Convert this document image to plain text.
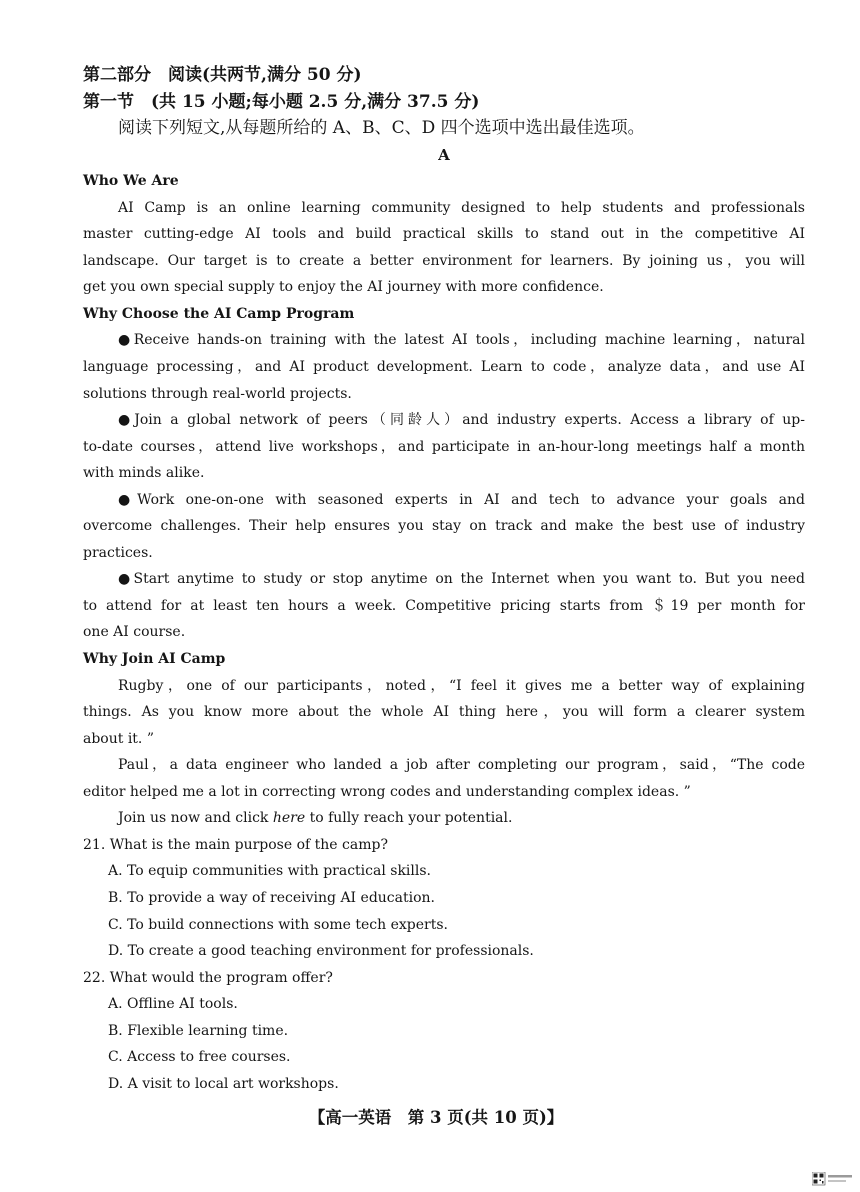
第二部分　阅读(共两节,满分 50 分)
第一节　(共 15 小题;每小题 2.5 分,满分 37.5 分)
阅读下列短文,从每题所给的 A、B、C、D 四个选项中选出最佳选项。
A
Who We Are
AI Camp is an online learning community designed to help students and professionals
master cutting-edge AI tools and build practical skills to stand out in the competitive AI
landscape. Our target is to create a better environment for learners. By joining us，you will
get you own special supply to enjoy the AI journey with more confidence.
Why Choose the AI Camp Program
●Receive hands-on training with the latest AI tools，including machine learning，natural
language processing，and AI product development. Learn to code，analyze data，and use AI
solutions through real-world projects.
●Join a global network of peers（同龄人）and industry experts. Access a library of up-
to-date courses，attend live workshops，and participate in an-hour-long meetings half a month
with minds alike.
●Work one-on-one with seasoned experts in AI and tech to advance your goals and
overcome challenges. Their help ensures you stay on track and make the best use of industry
practices.
●Start anytime to study or stop anytime on the Internet when you want to. But you need
to attend for at least ten hours a week. Competitive pricing starts from ＄19 per month for
one AI course.
Why Join AI Camp
Rugby，one of our participants，noted，“I feel it gives me a better way of explaining
things. As you know more about the whole AI thing here，you will form a clearer system
about it. ”
Paul，a data engineer who landed a job after completing our program，said，“The code
editor helped me a lot in correcting wrong codes and understanding complex ideas. ”
Join us now and click here to fully reach your potential.
21. What is the main purpose of the camp?
A. To equip communities with practical skills.
B. To provide a way of receiving AI education.
C. To build connections with some tech experts.
D. To create a good teaching environment for professionals.
22. What would the program offer?
A. Offline AI tools.
B. Flexible learning time.
C. Access to free courses.
D. A visit to local art workshops.
【高一英语　第 3 页(共 10 页)】
